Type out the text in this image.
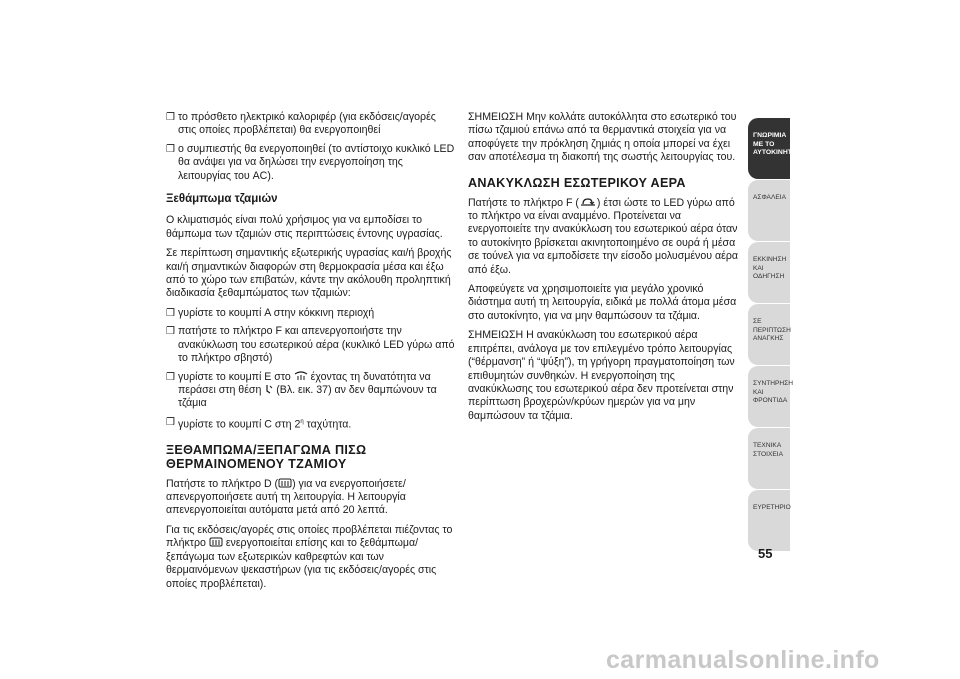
❒ το πρόσθετο ηλεκτρικό καλοριφέρ (για εκδόσεις/αγορές στις οποίες προβλέπεται) θα ενεργοποιηθεί
❒ ο συμπιεστής θα ενεργοποιηθεί (το αντίστοιχο κυκλικό LED θα ανάψει για να δηλώσει την ενεργοποίηση της λειτουργίας του AC).
Ξεθάμπωμα τζαμιών

Ο κλιματισμός είναι πολύ χρήσιμος για να εμποδίσει το θάμπωμα των τζαμιών στις περιπτώσεις έντονης υγρασίας.

Σε περίπτωση σημαντικής εξωτερικής υγρασίας και/ή βροχής και/ή σημαντικών διαφορών στη θερμοκρασία μέσα και έξω από το χώρο των επιβατών, κάντε την ακόλουθη προληπτική διαδικασία ξεθαμπώματος των τζαμιών:

❒ γυρίστε το κουμπί A στην κόκκινη περιοχή
❒ πατήστε το πλήκτρο F και απενεργοποιήστε την ανακύκλωση του εσωτερικού αέρα (κυκλικό LED γύρω από το πλήκτρο σβηστό)
❒ γυρίστε το κουμπί E στο έχοντας τη δυνατότητα να περάσει στη θέση (Βλ. εικ. 37) αν δεν θαμπώνουν τα τζάμια
❒ γυρίστε το κουμπί C στη $2^\eta$ ταχύτητα.
ΞΕΘΑΜΠΩΜΑ/ΞΕΠΑΓΩΜΑ ΠΙΣΩ ΘΕΡΜΑΙΝΟΜΕΝΟΥ ΤΖΑΜΙΟΥ

Πατήστε το πλήκτρο D ( ) για να ενεργοποιήσετε/απενεργοποιήσετε αυτή τη λειτουργία. Η λειτουργία απενεργοποιείται αυτόματα μετά από 20 λεπτά.

Για τις εκδόσεις/αγορές στις οποίες προβλέπεται πιέζοντας το πλήκτρο ενεργοποιείται επίσης και το ξεθάμπωμα/ξεπάγωμα των εξωτερικών καθρεφτών και των θερμαινόμενων ψεκαστήρων (για τις εκδόσεις/αγορές στις οποίες προβλέπεται).

ΣΗΜΕΙΩΣΗ Μην κολλάτε αυτοκόλλητα στο εσωτερικό του πίσω τζαμιού επάνω από τα θερμαντικά στοιχεία για να αποφύγετε την πρόκληση ζημιάς η οποία μπορεί να έχει σαν αποτέλεσμα τη διακοπή της σωστής λειτουργίας του.

ΑΝΑΚΥΚΛΩΣΗ ΕΣΩΤΕΡΙΚΟΥ ΑΕΡΑ

Πατήστε το πλήκτρο F ( ) έτσι ώστε το LED γύρω από το πλήκτρο να είναι αναμμένο. Προτείνεται να ενεργοποιείτε την ανακύκλωση του εσωτερικού αέρα όταν το αυτοκίνητο βρίσκεται ακινητοποιημένο σε ουρά ή μέσα σε τούνελ για να εμποδίσετε την είσοδο μολυσμένου αέρα από έξω.

Αποφεύγετε να χρησιμοποιείτε για μεγάλο χρονικό διάστημα αυτή τη λειτουργία, ειδικά με πολλά άτομα μέσα στο αυτοκίνητο, για να μην θαμπώσουν τα τζάμια.

ΣΗΜΕΙΩΣΗ Η ανακύκλωση του εσωτερικού αέρα επιτρέπει, ανάλογα με τον επιλεγμένο τρόπο λειτουργίας (“θέρμανση” ή “ψύξη”), τη γρήγορη πραγματοποίηση των επιθυμητών συνθηκών. Η ενεργοποίηση της ανακύκλωσης του εσωτερικού αέρα δεν προτείνεται στην περίπτωση βροχερών/κρύων ημερών για να μην θαμπώσουν τα τζάμια.

ΓΝΩΡΙΜΙΑ ΜΕ ΤΟ ΑΥΤΟΚΙΝΗΤΟ
ΑΣΦΑΛΕΙΑ
ΕΚΚΙΝΗΣΗ ΚΑΙ ΟΔΗΓΗΣΗ
ΣΕ ΠΕΡΙΠΤΩΣΗ ΑΝΑΓΚΗΣ
ΣΥΝΤΗΡΗΣΗ ΚΑΙ ΦΡΟΝΤΙΔΑ
ΤΕΧΝΙΚΑ ΣΤΟΙΧΕΙΑ
ΕΥΡΕΤΗΡΙΟ
55
carmanualsonline.info
